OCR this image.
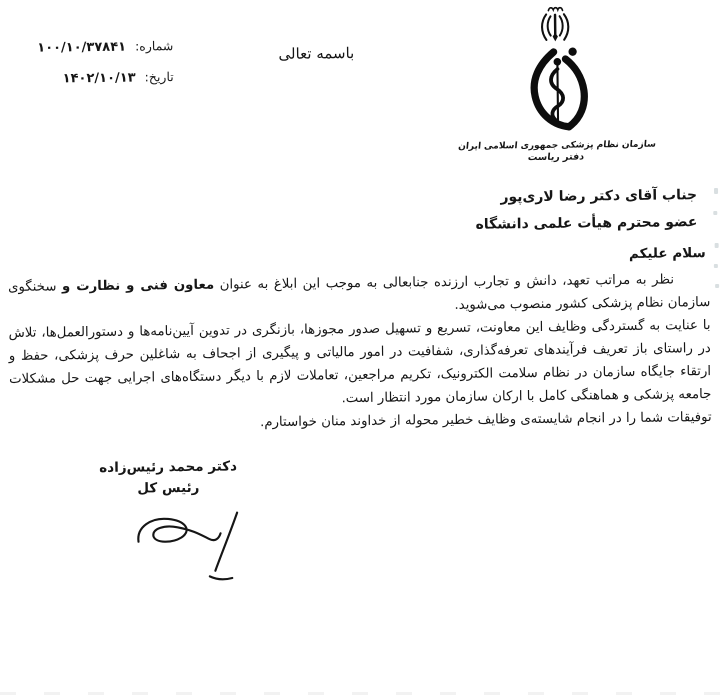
شماره:
۱۰۰/۱۰/۳۷۸۴۱
تاریخ:
۱۴۰۲/۱۰/۱۳
باسمه تعالی
سازمان نظام پزشکی جمهوری اسلامی ایران
دفتر ریاست
جناب آقای دکتر رضا لاری‌پور
عضو محترم هیأت علمی دانشگاه
سلام علیکم

نظر به مراتب تعهد، دانش و تجارب ارزنده جنابعالی به موجب این ابلاغ به عنوان معاون فنی و نظارت و سخنگوی سازمان نظام پزشکی کشور منصوب می‌شوید.

با عنایت به گستردگی وظایف این معاونت، تسریع و تسهیل صدور مجوزها، بازنگری در تدوین آیین‌نامه‌ها و دستورالعمل‌ها، تلاش در راستای باز تعریف فرآیندهای تعرفه‌گذاری، شفافیت در امور مالیاتی و پیگیری از اجحاف به شاغلین حرف پزشکی، حفظ و ارتقاء جایگاه سازمان در نظام سلامت الکترونیک، تکریم مراجعین، تعاملات لازم با دیگر دستگاه‌های اجرایی جهت حل مشکلات جامعه پزشکی و هماهنگی کامل با ارکان سازمان مورد انتظار است.

توفیقات شما را در انجام شایسته‌ی وظایف خطیر محوله از خداوند منان خواستارم.

دکتر محمد رئیس‌زاده
رئیس کل
